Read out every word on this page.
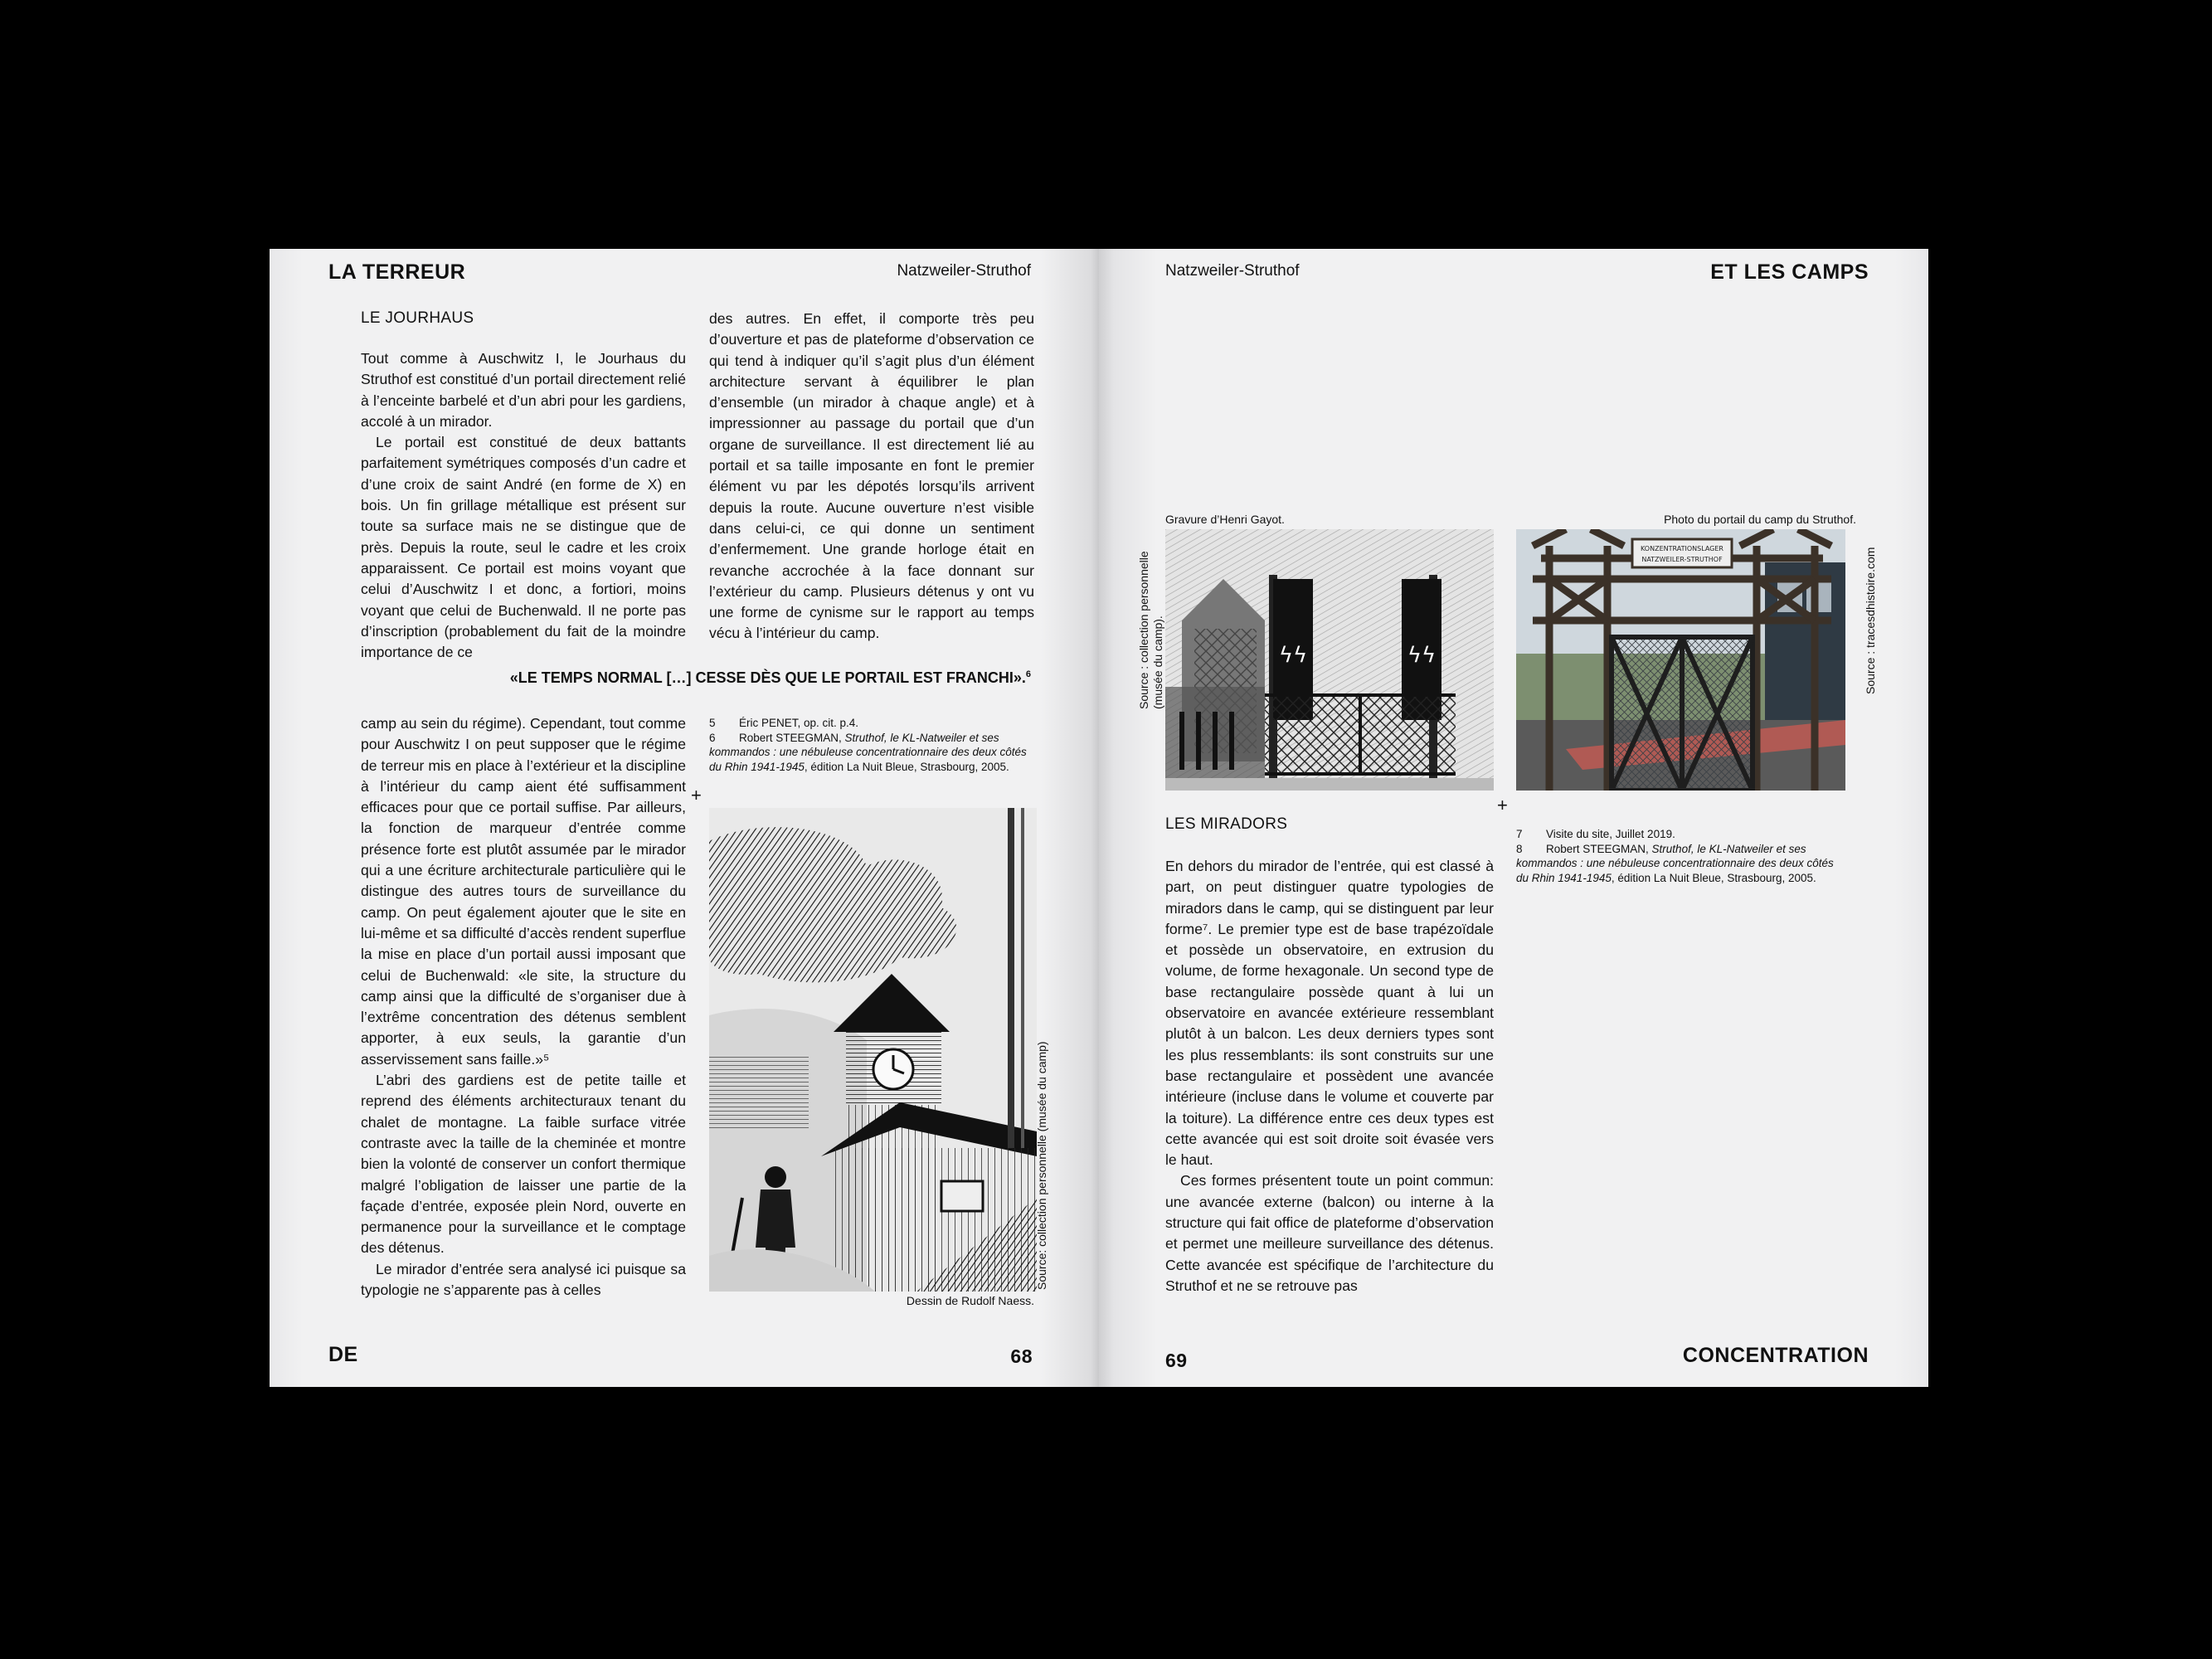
LA TERREUR	Natzweiler-Struthof
LE JOURHAUS

Tout comme à Auschwitz I, le Jourhaus du Struthof est constitué d’un portail directement relié à l’enceinte barbelé et d’un abri pour les gardiens, accolé à un mirador.

Le portail est constitué de deux battants parfaitement symétriques composés d’un cadre et d’une croix de saint André (en forme de X) en bois. Un fin grillage métallique est présent sur toute sa surface mais ne se distingue que de près. Depuis la route, seul le cadre et les croix apparaissent. Ce portail est moins voyant que celui d’Auschwitz I et donc, a fortiori, moins voyant que celui de Buchenwald. Il ne porte pas d’inscription (probablement du fait de la moindre importance de ce

des autres. En effet, il comporte très peu d’ouverture et pas de plateforme d’observation ce qui tend à indiquer qu’il s’agit plus d’un élément architecture servant à équilibrer le plan d’ensemble (un mirador à chaque angle) et à impressionner au passage du portail que d’un organe de surveillance. Il est directement lié au portail et sa taille imposante en font le premier élément vu par les dépotés lorsqu’ils arrivent depuis la route. Aucune ouverture n’est visible dans celui-ci, ce qui donne un sentiment d’enfermement. Une grande horloge était en revanche accrochée à la face donnant sur l’extérieur du camp. Plusieurs détenus y ont vu une forme de cynisme sur le rapport au temps vécu à l’intérieur du camp.

«LE TEMPS NORMAL […] CESSE DÈS QUE LE PORTAIL EST FRANCHI».$^6$

camp au sein du régime). Cependant, tout comme pour Auschwitz I on peut supposer que le régime de terreur mis en place à l’extérieur et la discipline à l’intérieur du camp aient été suffisamment efficaces pour que ce portail suffise. Par ailleurs, la fonction de marqueur d’entrée comme présence forte est plutôt assumée par le mirador qui a une écriture architecturale particulière qui le distingue des autres tours de surveillance du camp. On peut également ajouter que le site en lui-même et sa difficulté d’accès rendent superflue la mise en place d’un portail aussi imposant que celui de Buchenwald: «le site, la structure du camp ainsi que la difficulté de s’organiser due à l’extrême concentration des détenus semblent apporter, à eux seuls, la garantie d’un asservissement sans faille.»⁵

L’abri des gardiens est de petite taille et reprend des éléments architecturaux tenant du chalet de montagne. La faible surface vitrée contraste avec la taille de la cheminée et montre bien la volonté de conserver un confort thermique malgré l’obligation de laisser une partie de la façade d’entrée, exposée plein Nord, ouverte en permanence pour la surveillance et le comptage des détenus.

Le mirador d’entrée sera analysé ici puisque sa typologie ne s’apparente pas à celles

5 Éric PENET, op. cit. p.4.
6 Robert STEEGMAN, Struthof, le KL-Natweiler et ses kommandos : une nébuleuse concentrationnaire des deux côtés du Rhin 1941-1945, édition La Nuit Bleue, Strasbourg, 2005.
+
Source: collection personnelle (musée du camp)
Dessin de Rudolf Naess.
DE	68
Natzweiler-Struthof	ET LES CAMPS
Gravure d’Henri Gayot.
Source : collection personnelle (musée du camp).	ϟϟ	ϟϟ
Photo du portail du camp du Struthof.
Source : tracesdhistoire.com
KONZENTRATIONSLAGER
NATZWEILER-STRUTHOF
+
LES MIRADORS

En dehors du mirador de l’entrée, qui est classé à part, on peut distinguer quatre typologies de miradors dans le camp, qui se distinguent par leur forme⁷. Le premier type est de base trapézoïdale et possède un observatoire, en extrusion du volume, de forme hexagonale. Un second type de base rectangulaire possède quant à lui un observatoire en avancée extérieure ressemblant plutôt à un balcon. Les deux derniers types sont les plus ressemblants: ils sont construits sur une base rectangulaire et possèdent une avancée intérieure (incluse dans le volume et couverte par la toiture). La différence entre ces deux types est cette avancée qui est soit droite soit évasée vers le haut.

Ces formes présentent toute un point commun: une avancée externe (balcon) ou interne à la structure qui fait office de plateforme d’observation et permet une meilleure surveillance des détenus. Cette avancée est spécifique de l’architecture du Struthof et ne se retrouve pas

7 Visite du site, Juillet 2019.
8 Robert STEEGMAN, Struthof, le KL-Natweiler et ses kommandos : une nébuleuse concentrationnaire des deux côtés du Rhin 1941-1945, édition La Nuit Bleue, Strasbourg, 2005.
69	CONCENTRATION
